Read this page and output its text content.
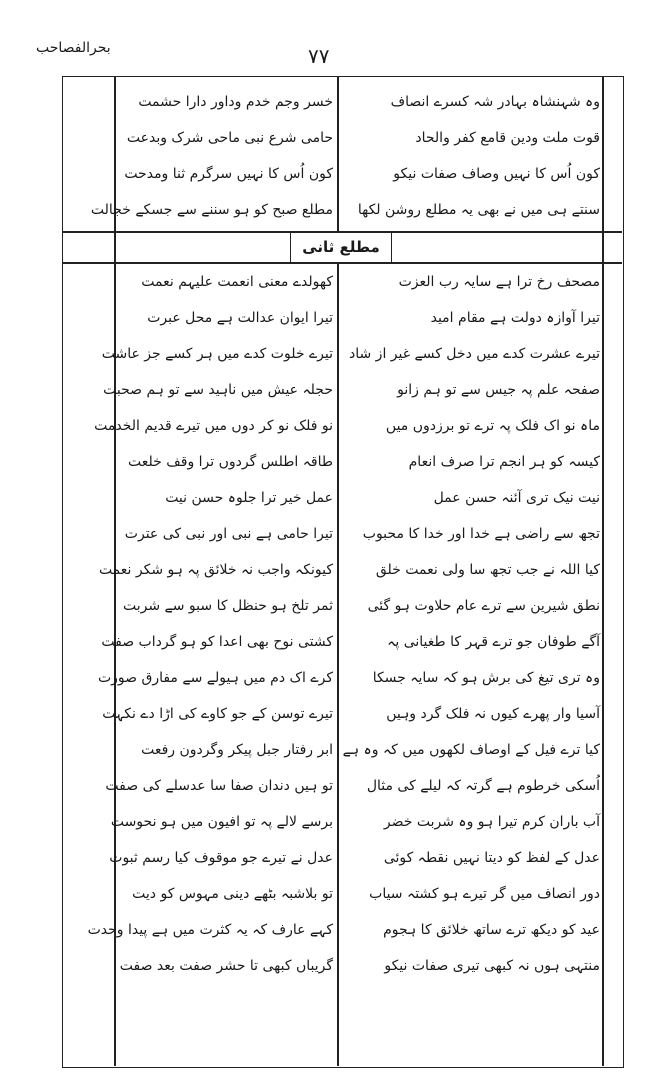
بحرالفصاحب	٧٧
مطلع ثانی
وہ شہنشاہ بہادر شہ کسرے انصاف
قوت ملت ودین قامع کفر والحاد
کون اُس کا نہیں وصاف صفات نیکو
سنتے ہی میں نے بھی یہ مطلع روشن لکھا
خسر وجم خدم وداور دارا حشمت
حامی شرع نبی ماحی شرک وبدعت
کون اُس کا نہیں سرگرم ثنا ومدحت
مطلع صبح کو ہو سننے سے جسکے خجالت
مصحف رخ ترا ہے سایہ رب العزت
تیرا آوازہ دولت ہے مقام امید
تیرے عشرت کدے میں دخل کسے غیر از شاد
صفحہ علم پہ جیس سے تو ہم زانو
ماہ نو اک فلک پہ ترے تو برزدوں میں
کیسہ کو ہر انجم ترا صرف انعام
نیت نیک تری آئنہ حسن عمل
تجھ سے راضی ہے خدا اور خدا کا محبوب
کیا اللہ نے جب تجھ سا ولی نعمت خلق
نطق شیرین سے ترے عام حلاوت ہو گئی
آگے طوفان جو ترے قہر کا طغیانی پہ
وہ تری تیغ کی برش ہو کہ سایہ جسکا
آسیا وار پھرے کیوں نہ فلک گرد وہیں
کیا ترے فیل کے اوصاف لکھوں میں کہ وہ ہے
اُسکی خرطوم ہے گرتہ کہ لیلے کی مثال
آب باران کرم تیرا ہو وہ شربت خضر
عدل کے لفظ کو دیتا نہیں نقطہ کوئی
دور انصاف میں گر تیرے ہو کشتہ سیاب
عید کو دیکھ ترے ساتھ خلائق کا ہجوم
منتہی ہوں نہ کبھی تیری صفات نیکو
کھولدے معنی انعمت علیہم نعمت
تیرا ایوان عدالت ہے محل عبرت
تیرے خلوت کدے میں ہر کسے جز عاشت
حجلہ عیش میں ناہید سے تو ہم صحبت
نو فلک نو کر دوں میں تیرے قدیم الخدمت
طاقہ اطلس گردوں ترا وقف خلعت
عمل خیر ترا جلوہ حسن نیت
تیرا حامی ہے نبی اور نبی کی عترت
کیونکہ واجب نہ خلائق پہ ہو شکر نعمت
ثمر تلخ ہو حنظل کا سبو سے شربت
کشتی نوح بھی اعدا کو ہو گرداب صفت
کرے اک دم میں ہیولے سے مفارق صورت
تیرے توسن کے جو کاوے کی اڑا دے نکہت
ابر رفتار جبل پیکر وگردون رفعت
تو ہیں دندان صفا سا عدسلے کی صفت
برسے لالے پہ تو افیون میں ہو نحوست
عدل نے تیرے جو موقوف کیا رسم ثبوت
تو بلاشبہ بٹھے دینی مہوس کو دیت
کہے عارف کہ یہ کثرت میں ہے پیدا وحدت
گریباں کبھی تا حشر صفت بعد صفت
